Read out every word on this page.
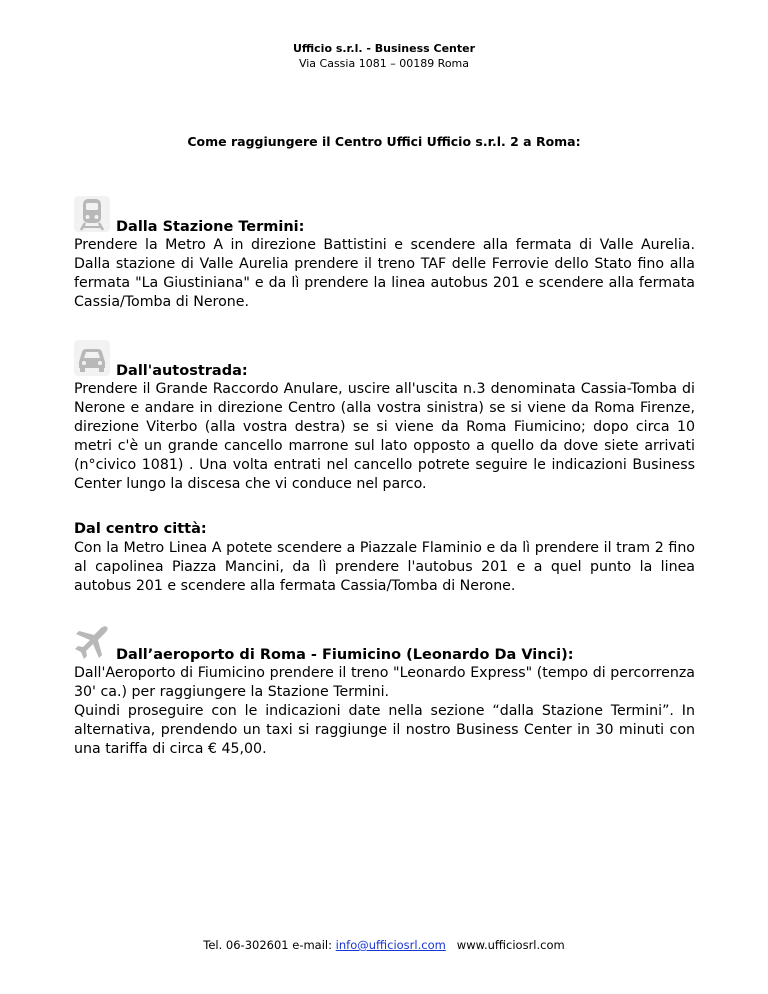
Ufficio s.r.l. - Business Center
Via Cassia 1081 – 00189 Roma
Come raggiungere il Centro Uffici Ufficio s.r.l. 2 a Roma:
Dalla Stazione Termini:
Prendere la Metro A in direzione Battistini e scendere alla fermata di Valle Aurelia. Dalla stazione di Valle Aurelia prendere il treno TAF delle Ferrovie dello Stato fino alla fermata "La Giustiniana" e da lì prendere la linea autobus 201 e scendere alla fermata Cassia/Tomba di Nerone.
Dall'autostrada:
Prendere il Grande Raccordo Anulare, uscire all'uscita n.3 denominata Cassia-Tomba di Nerone e andare in direzione Centro (alla vostra sinistra) se si viene da Roma Firenze, direzione Viterbo (alla vostra destra) se si viene da Roma Fiumicino; dopo circa 10 metri c'è un grande cancello marrone sul lato opposto a quello da dove siete arrivati (n°civico 1081) . Una volta entrati nel cancello potrete seguire le indicazioni Business Center lungo la discesa che vi conduce nel parco.
Dal centro città:
Con la Metro Linea A potete scendere a Piazzale Flaminio e da lì prendere il tram 2 fino al capolinea Piazza Mancini, da lì prendere l'autobus 201 e a quel punto la linea autobus 201 e scendere alla fermata Cassia/Tomba di Nerone.
Dall’aeroporto di Roma - Fiumicino (Leonardo Da Vinci):
Dall'Aeroporto di Fiumicino prendere il treno "Leonardo Express" (tempo di percorrenza 30' ca.) per raggiungere la Stazione Termini.
Quindi proseguire con le indicazioni date nella sezione “dalla Stazione Termini”. In alternativa, prendendo un taxi si raggiunge il nostro Business Center in 30 minuti con una tariffa di circa € 45,00.
Tel. 06-302601 e-mail: info@ufficiosrl.com www.ufficiosrl.com
